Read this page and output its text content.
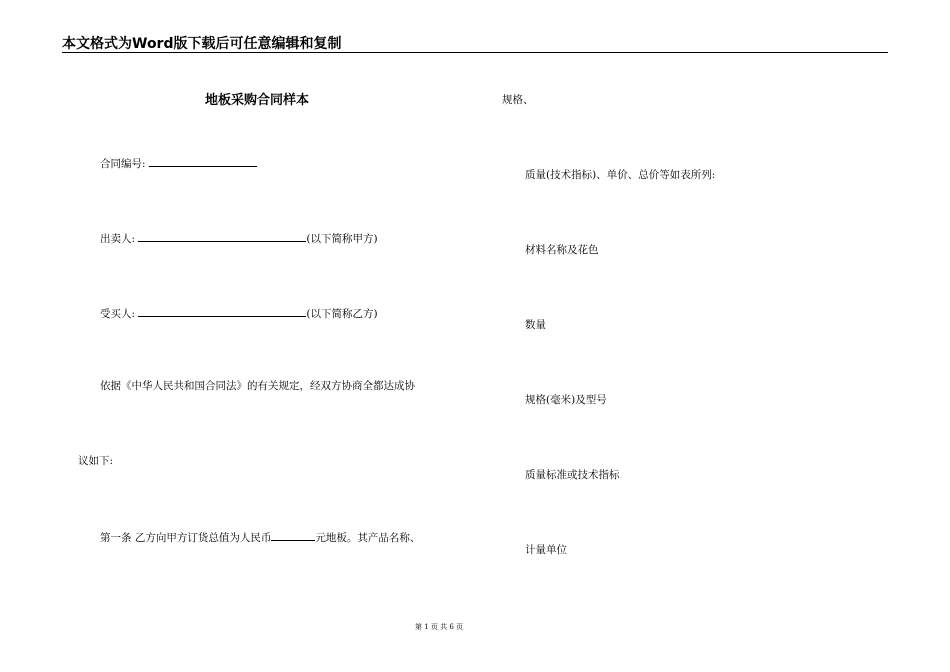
本文格式为Word版下载后可任意编辑和复制
地板采购合同样本
合同编号:
出卖人:	(以下简称甲方)
受买人:	(以下简称乙方)
依据《中华人民共和国合同法》的有关规定，经双方协商全都达成协
议如下:
第一条 乙方向甲方订货总值为人民币	元地板。其产品名称、
规格、
质量(技术指标)、单价、总价等如表所列:
材料名称及花色
数量
规格(毫米)及型号
质量标准或技术指标
计量单位
第 1 页 共 6 页
